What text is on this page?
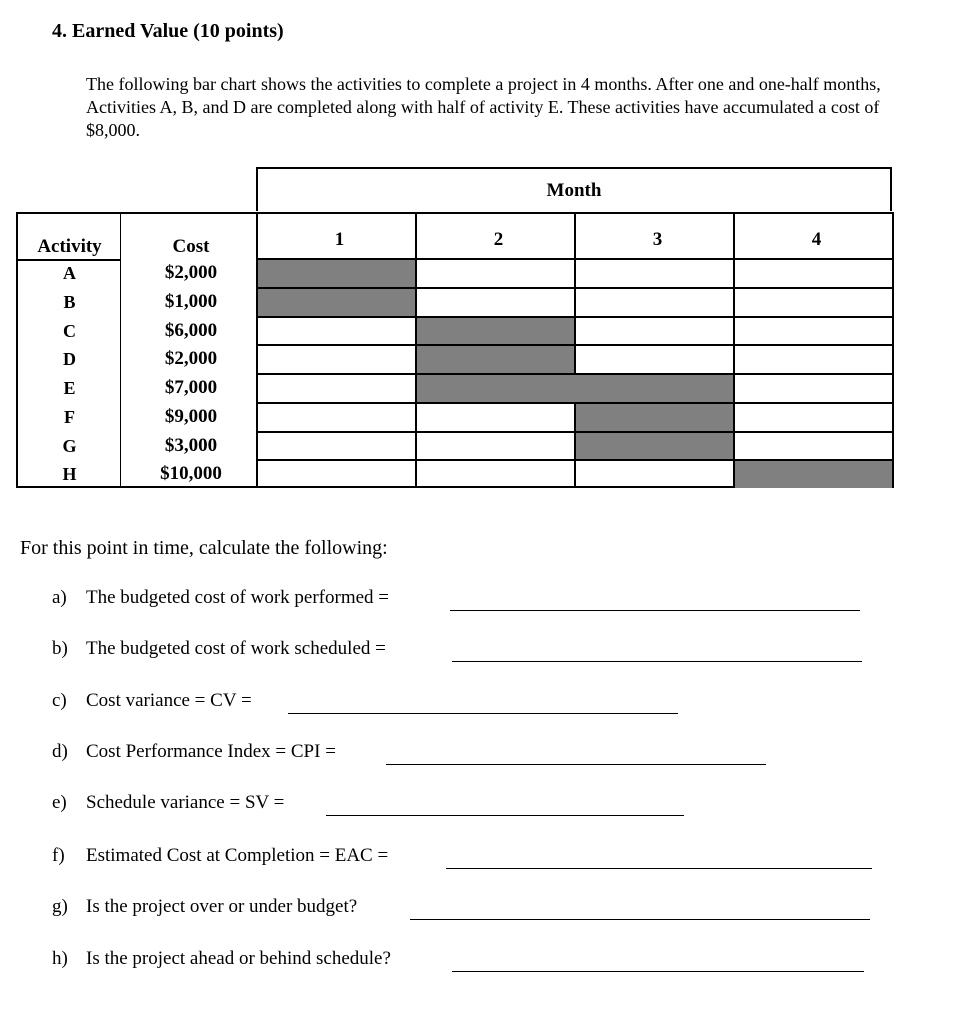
4. Earned Value (10 points)
The following bar chart shows the activities to complete a project in 4 months. After one and one-half months, Activities A, B, and D are completed along with half of activity E. These activities have accumulated a cost of $8,000.
Month
Activity	Cost	1	2	3	4
A	$2,000
B	$1,000
C	$6,000
D	$2,000
E	$7,000
F	$9,000
G	$3,000
H	$10,000
For this point in time, calculate the following:
a) The budgeted cost of work performed =
b) The budgeted cost of work scheduled =
c) Cost variance = CV =
d) Cost Performance Index = CPI =
e) Schedule variance = SV =
f) Estimated Cost at Completion = EAC =
g) Is the project over or under budget?
h) Is the project ahead or behind schedule?
